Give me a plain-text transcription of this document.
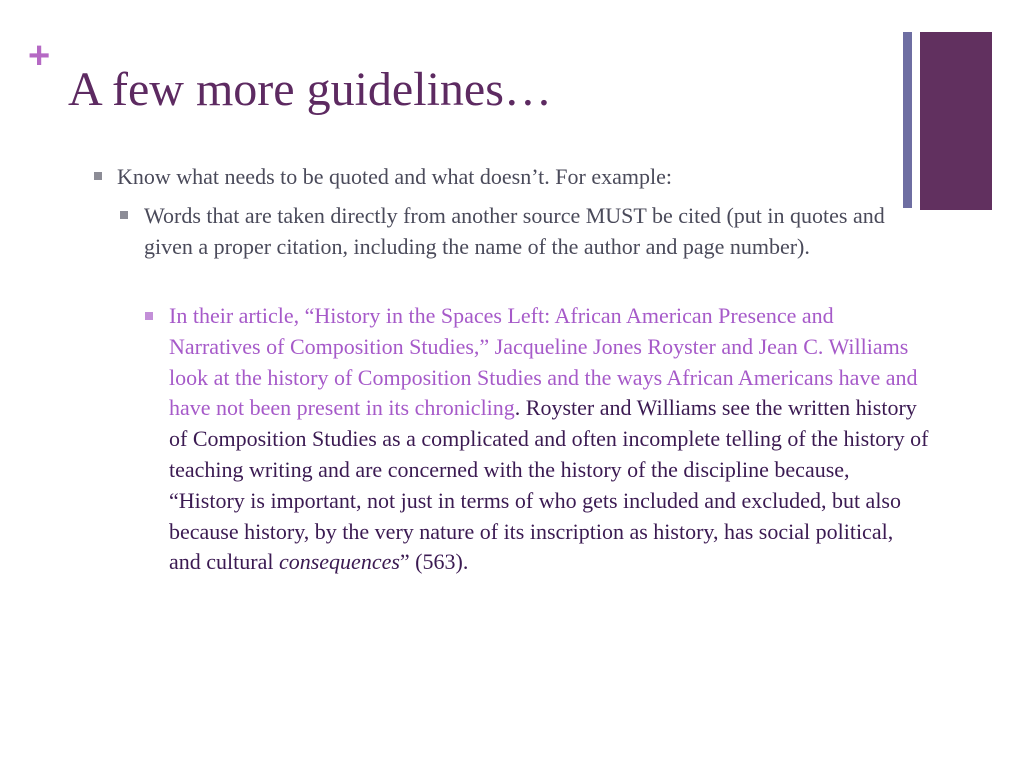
+
A few more guidelines…

Know what needs to be quoted and what doesn’t. For example:

Words that are taken directly from another source MUST be cited (put in quotes and given a proper citation, including the name of the author and page number).

In their article, “History in the Spaces Left: African American Presence and Narratives of Composition Studies,” Jacqueline Jones Royster and Jean C. Williams look at the history of Composition Studies and the ways African Americans have and have not been present in its chronicling. Royster and Williams see the written history of Composition Studies as a complicated and often incomplete telling of the history of teaching writing and are concerned with the history of the discipline because, “History is important, not just in terms of who gets included and excluded, but also because history, by the very nature of its inscription as history, has social political, and cultural consequences” (563).
